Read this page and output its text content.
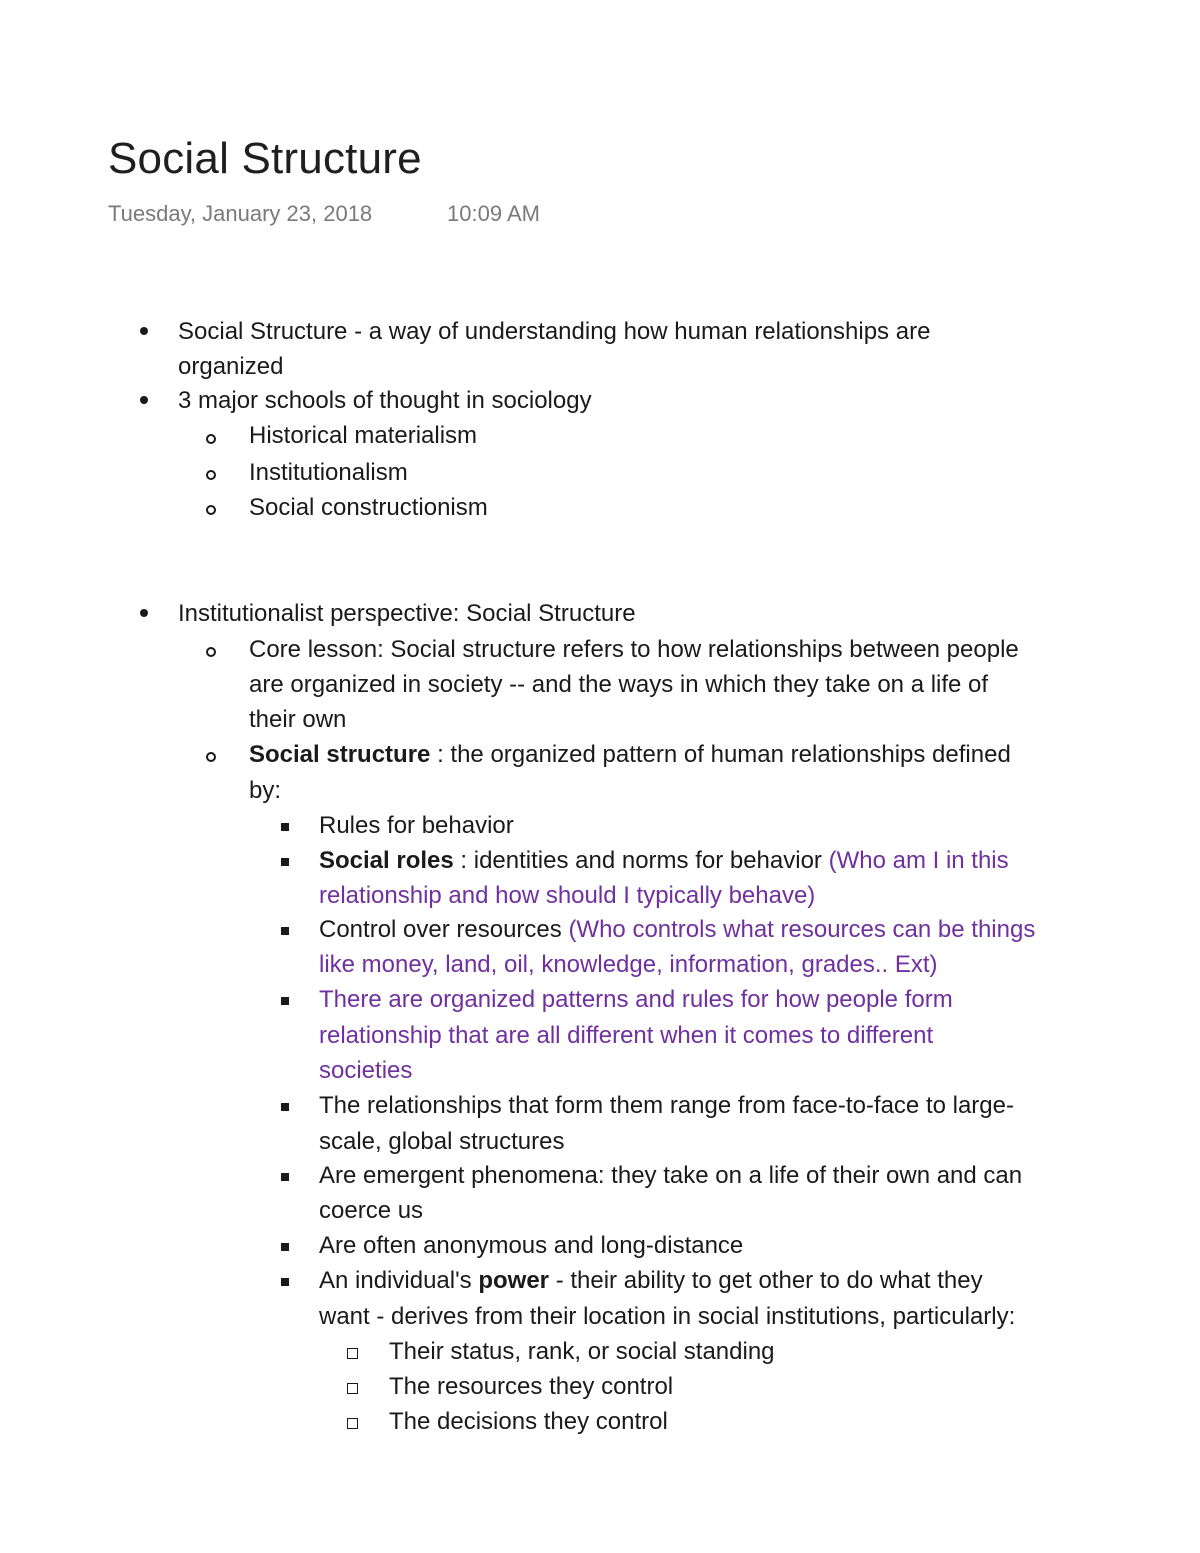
Social Structure
Tuesday, January 23, 2018	10:09 AM
Social Structure - a way of understanding how human relationships are
organized
3 major schools of thought in sociology
Historical materialism
Institutionalism
Social constructionism
Institutionalist perspective: Social Structure
Core lesson: Social structure refers to how relationships between people
are organized in society -- and the ways in which they take on a life of
their own
Social structure : the organized pattern of human relationships defined
by:
Rules for behavior
Social roles : identities and norms for behavior (Who am I in this
relationship and how should I typically behave)
Control over resources (Who controls what resources can be things
like money, land, oil, knowledge, information, grades.. Ext)
There are organized patterns and rules for how people form
relationship that are all different when it comes to different
societies
The relationships that form them range from face-to-face to large-
scale, global structures
Are emergent phenomena: they take on a life of their own and can
coerce us
Are often anonymous and long-distance
An individual's power - their ability to get other to do what they
want - derives from their location in social institutions, particularly:
Their status, rank, or social standing
The resources they control
The decisions they control
